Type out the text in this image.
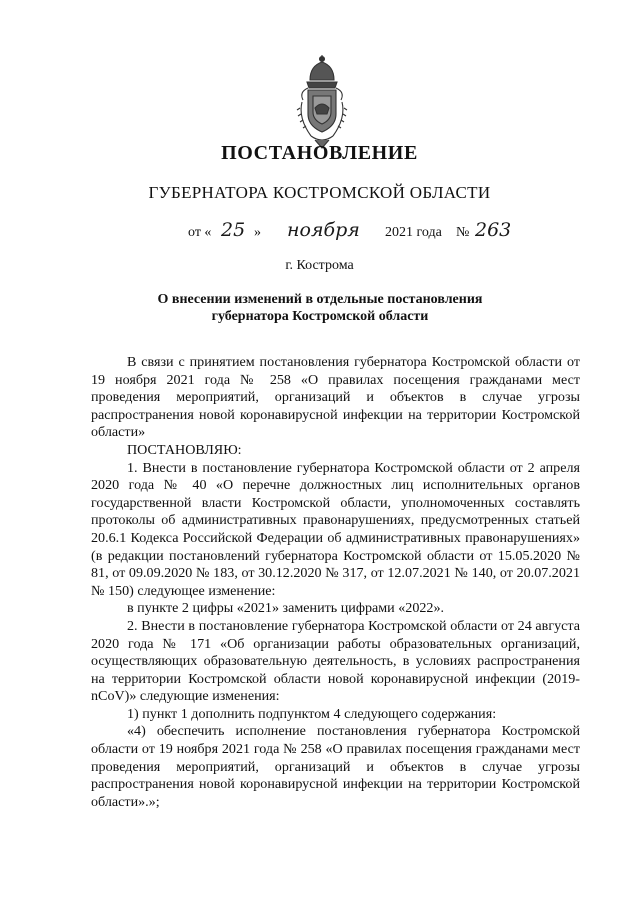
ПОСТАНОВЛЕНИЕ
ГУБЕРНАТОРА КОСТРОМСКОЙ ОБЛАСТИ
от « 25 » ноября 2021 года № 263
г. Кострома
О внесении изменений в отдельные постановления
губернатора Костромской области

В связи с принятием постановления губернатора Костромской области от 19 ноября 2021 года № 258 «О правилах посещения гражданами мест проведения мероприятий, организаций и объектов в случае угрозы распространения новой коронавирусной инфекции на территории Костромской области»

ПОСТАНОВЛЯЮ:

1. Внести в постановление губернатора Костромской области от 2 апреля 2020 года № 40 «О перечне должностных лиц исполнительных органов государственной власти Костромской области, уполномоченных составлять протоколы об административных правонарушениях, предусмотренных статьей 20.6.1 Кодекса Российской Федерации об административных правонарушениях» (в редакции постановлений губернатора Костромской области от 15.05.2020 № 81, от 09.09.2020 № 183, от 30.12.2020 № 317, от 12.07.2021 № 140, от 20.07.2021 № 150) следующее изменение:

в пункте 2 цифры «2021» заменить цифрами «2022».

2. Внести в постановление губернатора Костромской области от 24 августа 2020 года № 171 «Об организации работы образовательных организаций, осуществляющих образовательную деятельность, в условиях распространения на территории Костромской области новой коронавирусной инфекции (2019-nCoV)» следующие изменения:

1) пункт 1 дополнить подпунктом 4 следующего содержания:

«4) обеспечить исполнение постановления губернатора Костромской области от 19 ноября 2021 года № 258 «О правилах посещения гражданами мест проведения мероприятий, организаций и объектов в случае угрозы распространения новой коронавирусной инфекции на территории Костромской области».»;
